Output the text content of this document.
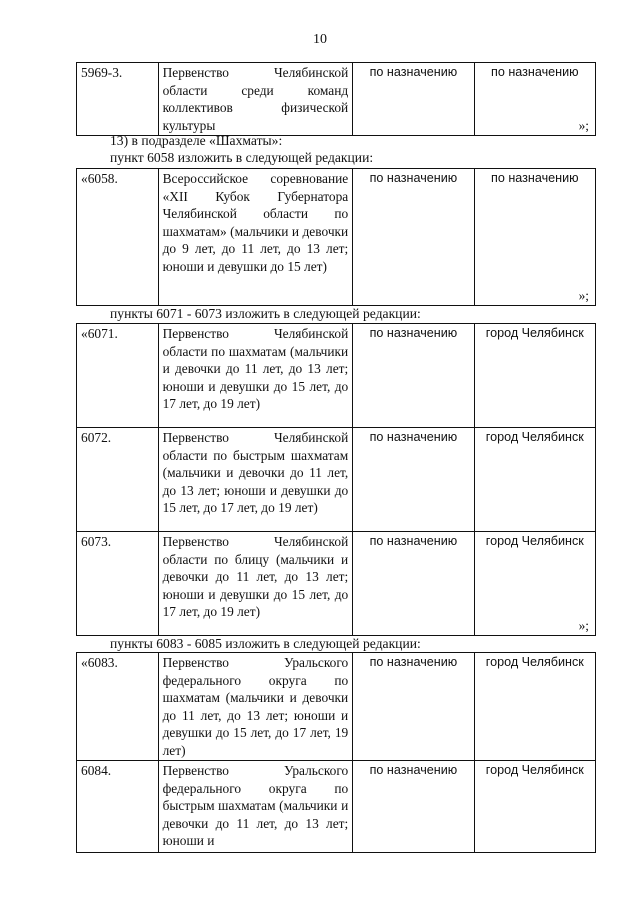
10
5969-3.	Первенство Челябинской области среди команд коллективов физической культуры	по назначению	по назначению
»;
13) в подразделе «Шахматы»:
пункт 6058 изложить в следующей редакции:
«6058.	Всероссийское соревнование «XII Кубок Губернатора Челябинской области по шахматам» (мальчики и девочки до 9 лет, до 11 лет, до 13 лет; юноши и девушки до 15 лет)	по назначению	по назначению
»;
пункты 6071 - 6073 изложить в следующей редакции:
«6071.	Первенство Челябинской области по шахматам (мальчики и девочки до 11 лет, до 13 лет; юноши и девушки до 15 лет, до 17 лет, до 19 лет)	по назначению	город Челябинск
6072.	Первенство Челябинской области по быстрым шахматам (мальчики и девочки до 11 лет, до 13 лет; юноши и девушки до 15 лет, до 17 лет, до 19 лет)	по назначению	город Челябинск
6073.	Первенство Челябинской области по блицу (мальчики и девочки до 11 лет, до 13 лет; юноши и девушки до 15 лет, до 17 лет, до 19 лет)	по назначению	город Челябинск
»;
пункты 6083 - 6085 изложить в следующей редакции:
«6083.	Первенство Уральского федерального округа по шахматам (мальчики и девочки до 11 лет, до 13 лет; юноши и девушки до 15 лет, до 17 лет, 19 лет)	по назначению	город Челябинск
6084.	Первенство Уральского федерального округа по быстрым шахматам (мальчики и девочки до 11 лет, до 13 лет; юноши и	по назначению	город Челябинск
